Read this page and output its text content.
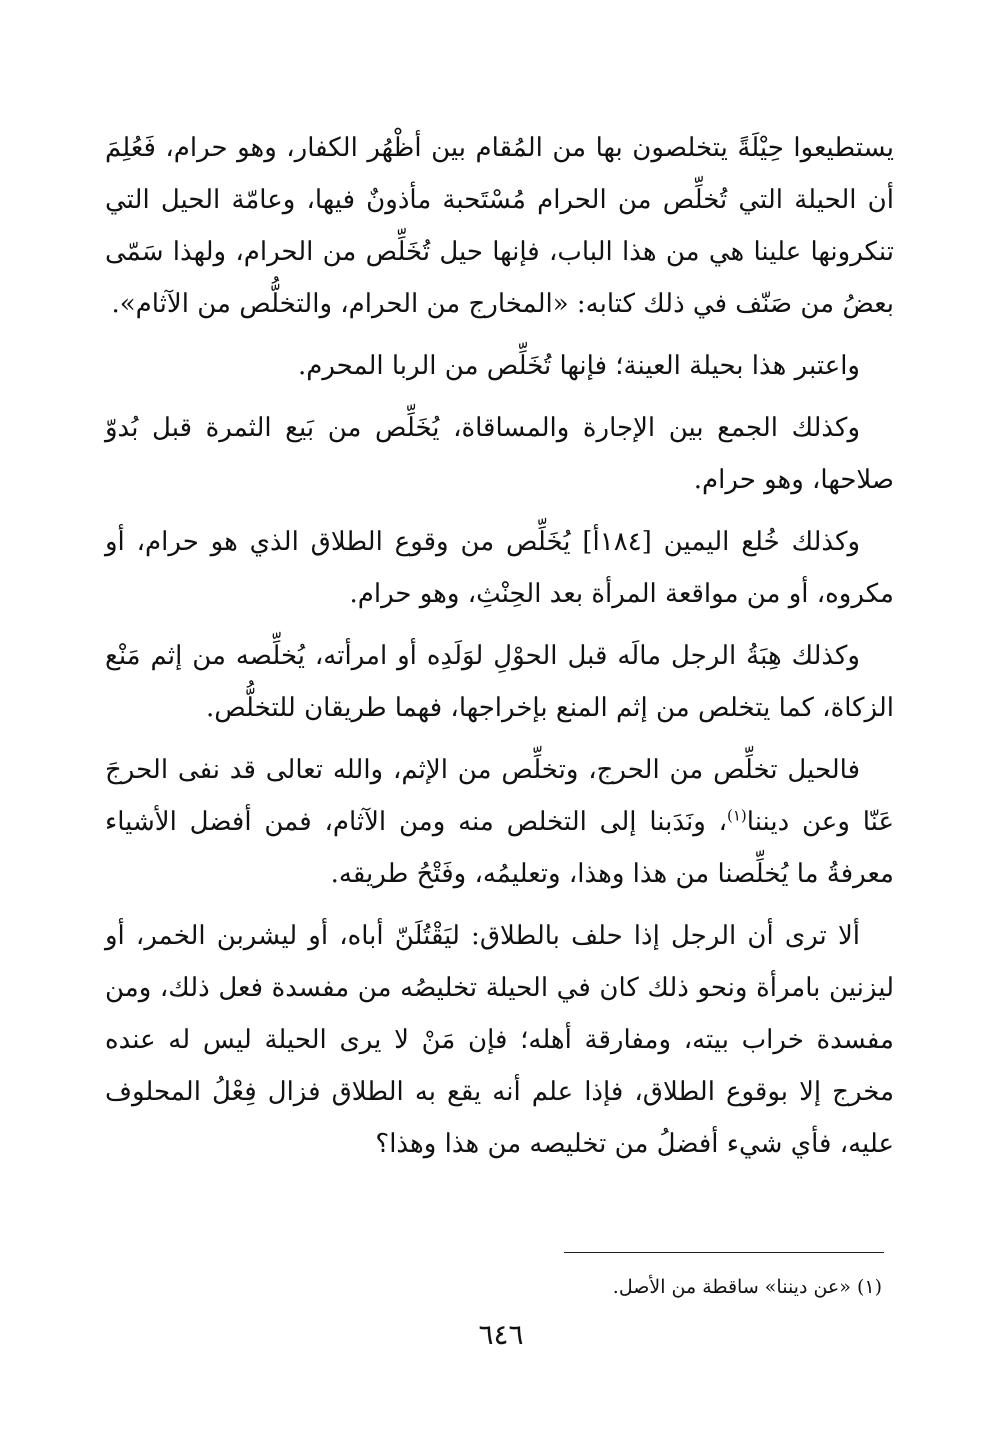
يستطيعوا حِيْلَةً يتخلصون بها من المُقام بين أظْهُر الكفار، وهو حرام، فَعُلِمَ أن الحيلة التي تُخلِّص من الحرام مُسْتَحبة مأذونٌ فيها، وعامّة الحيل التي تنكرونها علينا هي من هذا الباب، فإنها حيل تُخَلِّص من الحرام، ولهذا سَمّى بعضُ من صَنّف في ذلك كتابه: «المخارج من الحرام، والتخلُّص من الآثام».

واعتبر هذا بحيلة العينة؛ فإنها تُخَلِّص من الربا المحرم.

وكذلك الجمع بين الإجارة والمساقاة، يُخَلِّص من بَيع الثمرة قبل بُدوّ صلاحها، وهو حرام.

وكذلك خُلع اليمين [١٨٤أ] يُخَلِّص من وقوع الطلاق الذي هو حرام، أو مكروه، أو من مواقعة المرأة بعد الحِنْثِ، وهو حرام.

وكذلك هِبَةُ الرجل مالَه قبل الحوْلِ لوَلَدِه أو امرأته، يُخلِّصه من إثم مَنْع الزكاة، كما يتخلص من إثم المنع بإخراجها، فهما طريقان للتخلُّص.

فالحيل تخلِّص من الحرج، وتخلِّص من الإثم، والله تعالى قد نفى الحرجَ عَنّا وعن ديننا$^{(١)}$، ونَدَبنا إلى التخلص منه ومن الآثام، فمن أفضل الأشياء معرفةُ ما يُخلِّصنا من هذا وهذا، وتعليمُه، وفَتْحُ طريقه.

ألا ترى أن الرجل إذا حلف بالطلاق: ليَقْتُلَنّ أباه، أو ليشربن الخمر، أو ليزنين بامرأة ونحو ذلك كان في الحيلة تخليصُه من مفسدة فعل ذلك، ومن مفسدة خراب بيته، ومفارقة أهله؛ فإن مَنْ لا يرى الحيلة ليس له عنده مخرج إلا بوقوع الطلاق، فإذا علم أنه يقع به الطلاق فزال فِعْلُ المحلوف عليه، فأي شيء أفضلُ من تخليصه من هذا وهذا؟

(١) «عن ديننا» ساقطة من الأصل.
٦٤٦
